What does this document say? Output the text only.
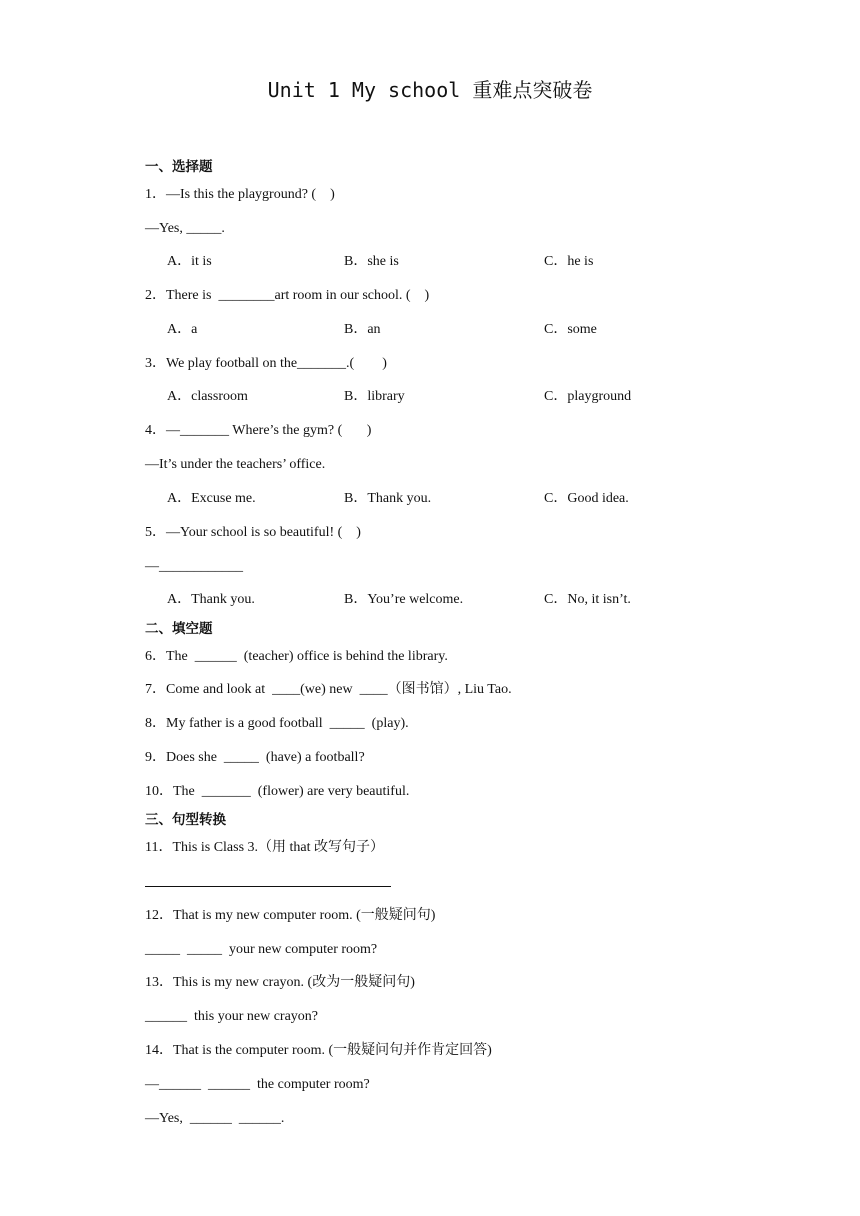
Unit 1 My school 重难点突破卷
一、选择题
1．—Is this the playground? (    )
—Yes, _____.
A．it is	B．she is	C．he is
2．There is  ________art room in our school. (    )
A．a	B．an	C．some
3．We play football on the_______.(        )
A．classroom	B．library	C．playground
4．—_______ Where’s the gym? (       )
—It’s under the teachers’ office.
A．Excuse me.	B．Thank you.	C．Good idea.
5．—Your school is so beautiful! (    )
—____________
A．Thank you.	B．You’re welcome.	C．No, it isn’t.
二、填空题
6．The  ______  (teacher) office is behind the library.
7．Come and look at  ____(we) new  ____（图书馆）, Liu Tao.
8．My father is a good football  _____  (play).
9．Does she  _____  (have) a football?
10．The  _______  (flower) are very beautiful.
三、句型转换
11．This is Class 3.（用 that 改写句子）
12．That is my new computer room. (一般疑问句)
_____  _____  your new computer room?
13．This is my new crayon. (改为一般疑问句)
______  this your new crayon?
14．That is the computer room. (一般疑问句并作肯定回答)
—______  ______  the computer room?
—Yes,  ______  ______.
